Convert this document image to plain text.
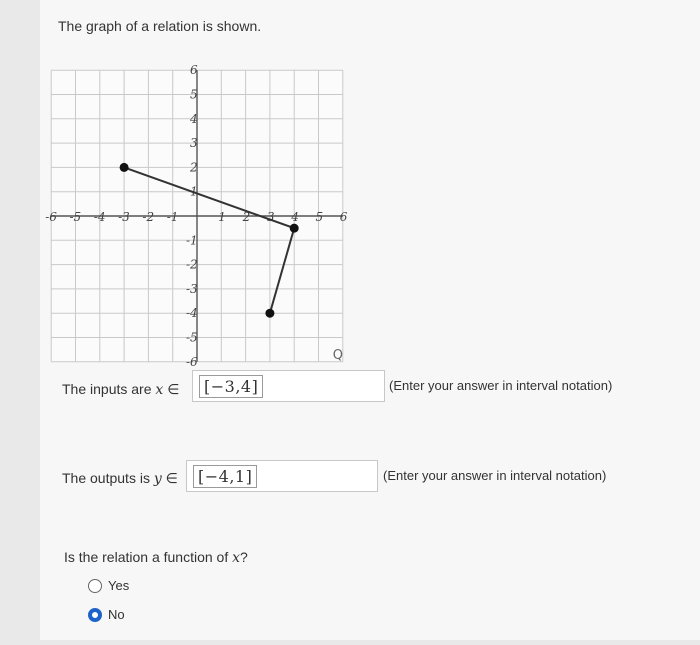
The graph of a relation is shown.
-6 -5 -4 -3 -2 -1	1 2 3 4 5 6
-6
-5
-4
-3
-2
-1
1
2
3
4
5
6
Q
The inputs are x ∈	[−3,4]	(Enter your answer in interval notation)
The outputs is y ∈	[−4,1]	(Enter your answer in interval notation)
Is the relation a function of x?
Yes
No
